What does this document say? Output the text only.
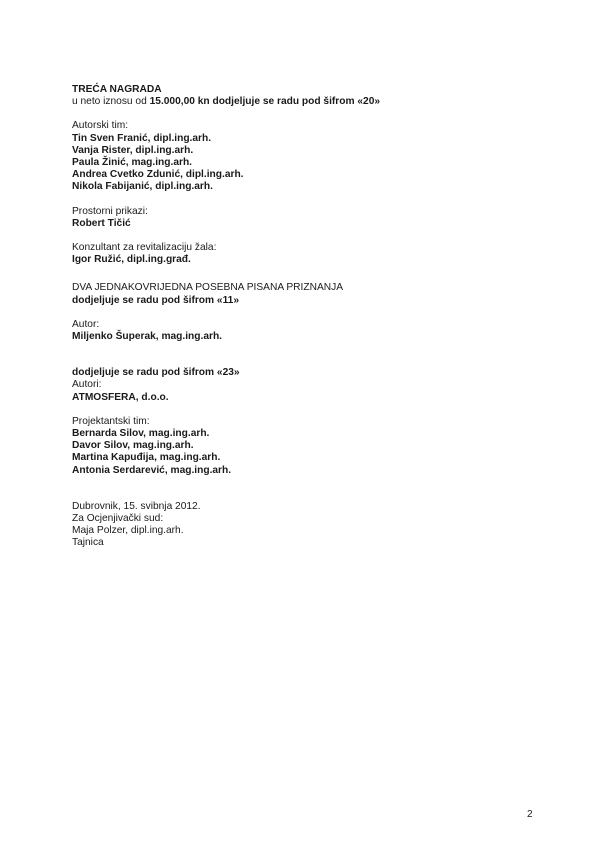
TREĆA NAGRADA
u neto iznosu od 15.000,00 kn dodjeljuje se radu pod šifrom «20»
Autorski tim:
Tin Sven Franić, dipl.ing.arh.
Vanja Rister, dipl.ing.arh.
Paula Žinić, mag.ing.arh.
Andrea Cvetko Zdunić, dipl.ing.arh.
Nikola Fabijanić, dipl.ing.arh.
Prostorni prikazi:
Robert Tičić
Konzultant za revitalizaciju žala:
Igor Ružić, dipl.ing.građ.
DVA JEDNAKOVRIJEDNA POSEBNA PISANA PRIZNANJA
dodjeljuje se radu pod šifrom «11»
Autor:
Miljenko Šuperak, mag.ing.arh.
dodjeljuje se radu pod šifrom «23»
Autori:
ATMOSFERA, d.o.o.
Projektantski tim:
Bernarda Silov, mag.ing.arh.
Davor Silov, mag.ing.arh.
Martina Kapuđija, mag.ing.arh.
Antonia Serdarević, mag.ing.arh.
Dubrovnik, 15. svibnja 2012.
Za Ocjenjivački sud:
Maja Polzer, dipl.ing.arh.
Tajnica
2
